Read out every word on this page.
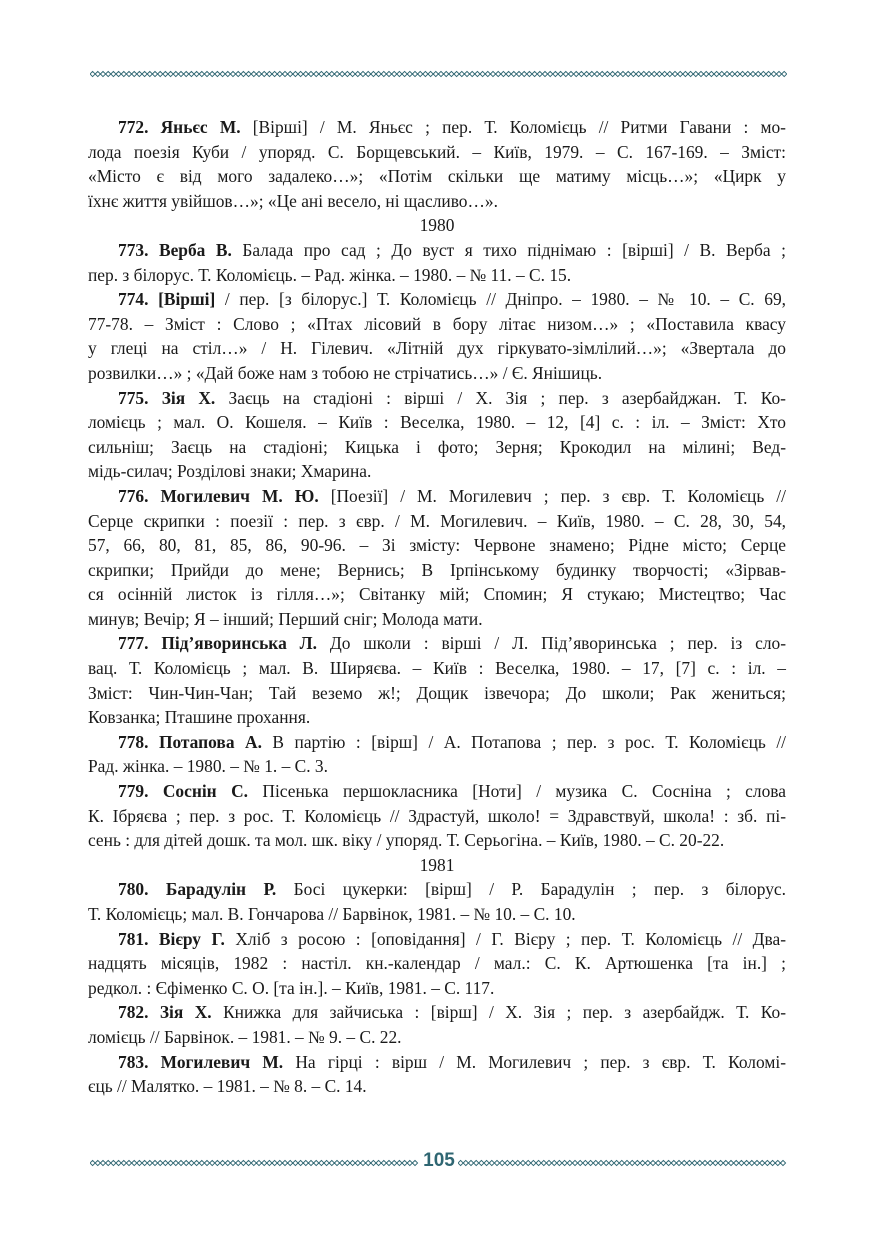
772. Яньєс М. [Вірші] / М. Яньєс ; пер. Т. Коломієць // Ритми Гавани : мо-
лода поезія Куби / упоряд. С. Борщевський. – Київ, 1979. – С. 167-169. – Зміст:
«Місто є від мого задалеко…»; «Потім скільки ще матиму місць…»; «Цирк у
їхнє життя увійшов…»; «Це ані весело, ні щасливо…».

1980

773. Верба В. Балада про сад ; До вуст я тихо піднімаю : [вірші] / В. Верба ;
пер. з білорус. Т. Коломієць. – Рад. жінка. – 1980. – № 11. – С. 15.

774. [Вірші] / пер. [з білорус.] Т. Коломієць // Дніпро. – 1980. – № 10. – С. 69,
77-78. – Зміст : Слово ; «Птах лісовий в бору літає низом…» ; «Поставила квасу
у глеці на стіл…» / Н. Гілевич. «Літній дух гіркувато-зімлілий…»; «Звертала до
розвилки…» ; «Дай боже нам з тобою не стрічатись…» / Є. Янішиць.

775. Зія Х. Заєць на стадіоні : вірші / Х. Зія ; пер. з азербайджан. Т. Ко-
ломієць ; мал. О. Кошеля. – Київ : Веселка, 1980. – 12, [4] с. : іл. – Зміст: Хто
сильніш; Заєць на стадіоні; Кицька і фото; Зерня; Крокодил на мілині; Вед-
мідь-силач; Розділові знаки; Хмарина.

776. Могилевич М. Ю. [Поезії] / М. Могилевич ; пер. з євр. Т. Коломієць //
Серце скрипки : поезії : пер. з євр. / М. Могилевич. – Київ, 1980. – С. 28, 30, 54,
57, 66, 80, 81, 85, 86, 90-96. – Зі змісту: Червоне знамено; Рідне місто; Серце
скрипки; Прийди до мене; Вернись; В Ірпінському будинку творчості; «Зірвав-
ся осінній листок із гілля…»; Світанку мій; Спомин; Я стукаю; Мистецтво; Час
минув; Вечір; Я – інший; Перший сніг; Молода мати.

777. Під’яворинська Л. До школи : вірші / Л. Під’яворинська ; пер. із сло-
вац. Т. Коломієць ; мал. В. Ширяєва. – Київ : Веселка, 1980. – 17, [7] с. : іл. –
Зміст: Чин-Чин-Чан; Тай веземо ж!; Дощик ізвечора; До школи; Рак жениться;
Ковзанка; Пташине прохання.

778. Потапова А. В партію : [вірш] / А. Потапова ; пер. з рос. Т. Коломієць //
Рад. жінка. – 1980. – № 1. – С. 3.

779. Соснін С. Пісенька першокласника [Ноти] / музика С. Сосніна ; слова
К. Ібряєва ; пер. з рос. Т. Коломієць // Здрастуй, школо! = Здравствуй, школа! : зб. пі-
сень : для дітей дошк. та мол. шк. віку / упоряд. Т. Серьогіна. – Київ, 1980. – С. 20-22.

1981

780. Барадулін Р. Босі цукерки: [вірш] / Р. Барадулін ; пер. з білорус.
Т. Коломієць; мал. В. Гончарова // Барвінок, 1981. – № 10. – С. 10.

781. Вієру Г. Хліб з росою : [оповідання] / Г. Вієру ; пер. Т. Коломієць // Два-
надцять місяців, 1982 : настіл. кн.-календар / мал.: С. К. Артюшенка [та ін.] ;
редкол. : Єфіменко С. О. [та ін.]. – Київ, 1981. – С. 117.

782. Зія Х. Книжка для зайчиська : [вірш] / Х. Зія ; пер. з азербайдж. Т. Ко-
ломієць // Барвінок. – 1981. – № 9. – С. 22.

783. Могилевич М. На гірці : вірш / М. Могилевич ; пер. з євр. Т. Коломі-
єць // Малятко. – 1981. – № 8. – С. 14.

105
